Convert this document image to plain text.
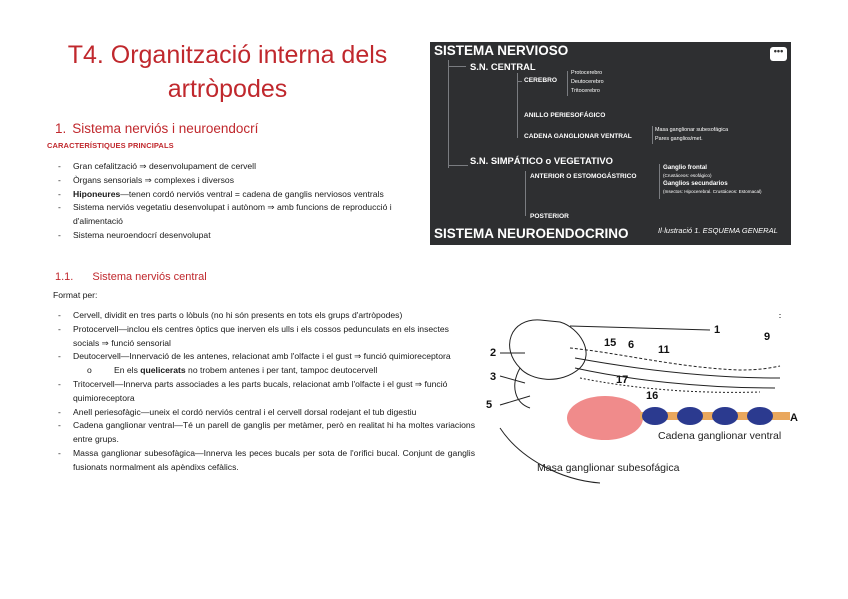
T4. Organització interna dels artròpodes
1. Sistema nerviós i neuroendocrí
CARACTERÍSTIQUES PRINCIPALS
- Gran cefalització ⇒ desenvolupament de cervell
- Òrgans sensorials ⇒ complexes i diversos
- Hiponeures—tenen cordó nerviós ventral = cadena de ganglis nerviosos ventrals
- Sistema nerviós vegetatiu desenvolupat i autònom ⇒ amb funcions de reproducció i d'alimentació
- Sistema neuroendocrí desenvolupat
1.1. Sistema nerviós central
Format per:
- Cervell, dividit en tres parts o lòbuls (no hi són presents en tots els grups d'artròpodes)
- Protocervell—inclou els centres òptics que inerven els ulls i els cossos pedunculats en els insectes socials ⇒ funció sensorial
- Deutocervell—Innervació de les antenes, relacionat amb l'olfacte i el gust ⇒ funció quimioreceptora
o	En els quelicerats no trobem antenes i per tant, tampoc deutocervell
- Tritocervell—Innerva parts associades a les parts bucals, relacionat amb l'olfacte i el gust ⇒ funció quimioreceptora
- Anell periesofàgic—uneix el cordó nerviós central i el cervell dorsal rodejant el tub digestiu
- Cadena ganglionar ventral—Té un parell de ganglis per metàmer, però en realitat hi ha moltes variacions entre grups.
- Massa ganglionar subesofàgica—Innerva les peces bucals per sota de l'orifici bucal. Conjunt de ganglis fusionats normalment als apèndixs cefàlics.
SISTEMA NERVIOSO	•••
S.N. CENTRAL
CEREBRO
Protocerebro
Deutocerebro
Tritocerebro
ANILLO PERIESOFÁGICO
CADENA GANGLIONAR VENTRAL
Masa ganglionar subesofágica
Pares ganglios/met.
S.N. SIMPÁTICO o VEGETATIVO
ANTERIOR O ESTOMOGÁSTRICO
Ganglio frontal
(Crustáceos: esofágico)
Ganglios secundarios
(Insectos: Hipocerebral. Crustáceos: Estomacal)
POSTERIOR
SISTEMA NEUROENDOCRINO	Il·lustració 1. ESQUEMA GENERAL
2
3
5
1
9
15 6 11
17
16
A
Cadena ganglionar ventral
Masa ganglionar subesofágica
